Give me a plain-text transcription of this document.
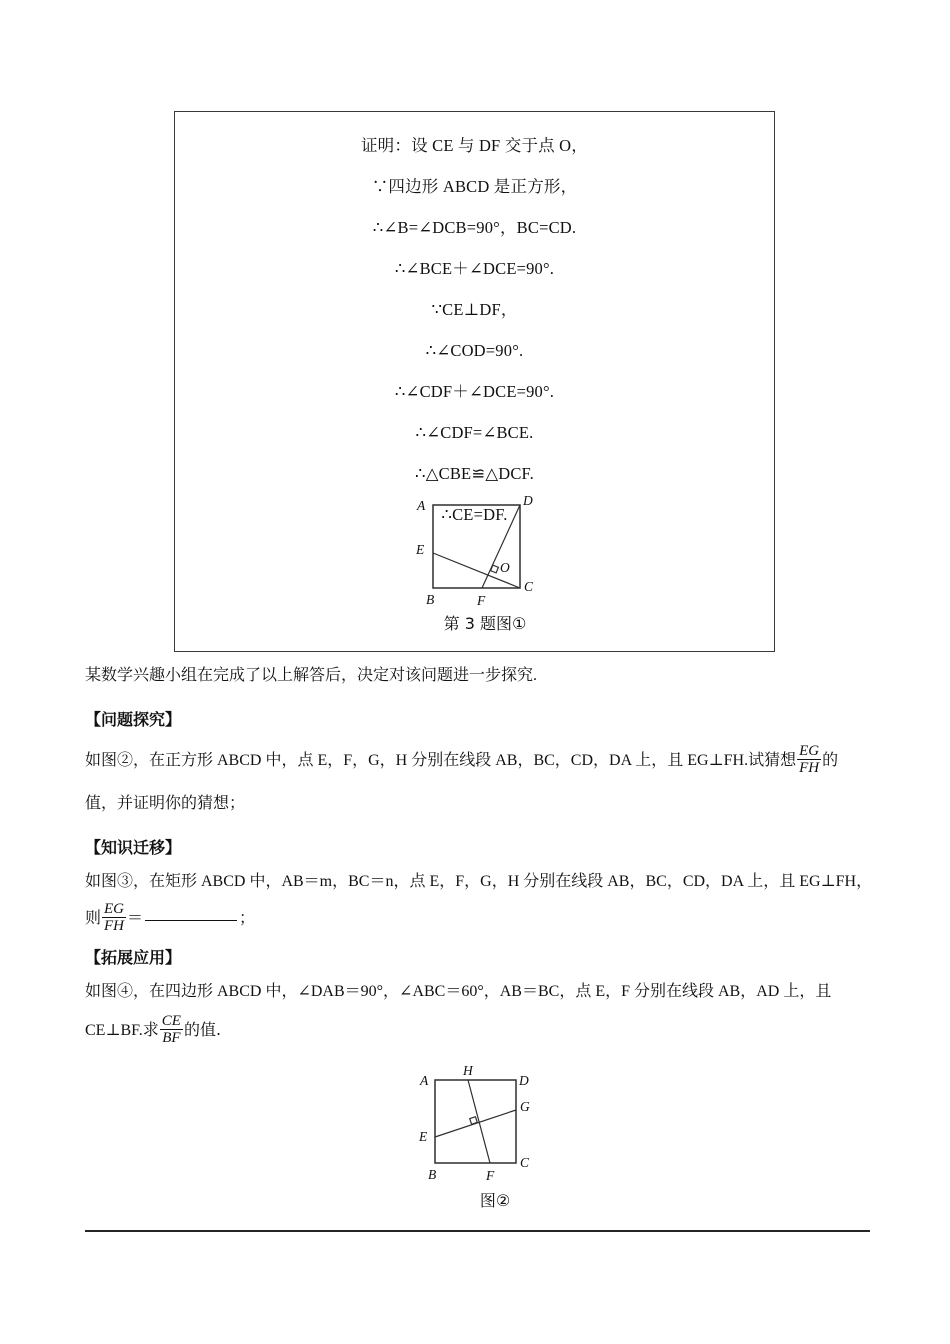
证明：设 CE 与 DF 交于点 O，
∵四边形 ABCD 是正方形，
∴∠B=∠DCB=90°，BC=CD.
∴∠BCE＋∠DCE=90°.
∵CE⊥DF，
∴∠COD=90°.
∴∠CDF＋∠DCE=90°.
∴∠CDF=∠BCE.
∴△CBE≌△DCF.
∴CE=DF.
A	D
E
O
B	F
C
第 3 题图①
某数学兴趣小组在完成了以上解答后，决定对该问题进一步探究.
【问题探究】
如图②，在正方形 ABCD 中，点 E，F，G，H 分别在线段 AB，BC，CD，DA 上，且 EG⊥FH.试猜想 $\frac{EG}{FH}$ 的
值，并证明你的猜想；
【知识迁移】
如图③，在矩形 ABCD 中，AB＝m，BC＝n，点 E，F，G，H 分别在线段 AB，BC，CD，DA 上，且 EG⊥FH，
则 $\frac{EG}{FH}$ ＝	；
【拓展应用】
如图④，在四边形 ABCD 中，∠DAB＝90°，∠ABC＝60°，AB＝BC，点 E，F 分别在线段 AB，AD 上，且
CE⊥BF.求 $\frac{CE}{BF}$ 的值.
A
H
D
G
E
B	F
C
图②
